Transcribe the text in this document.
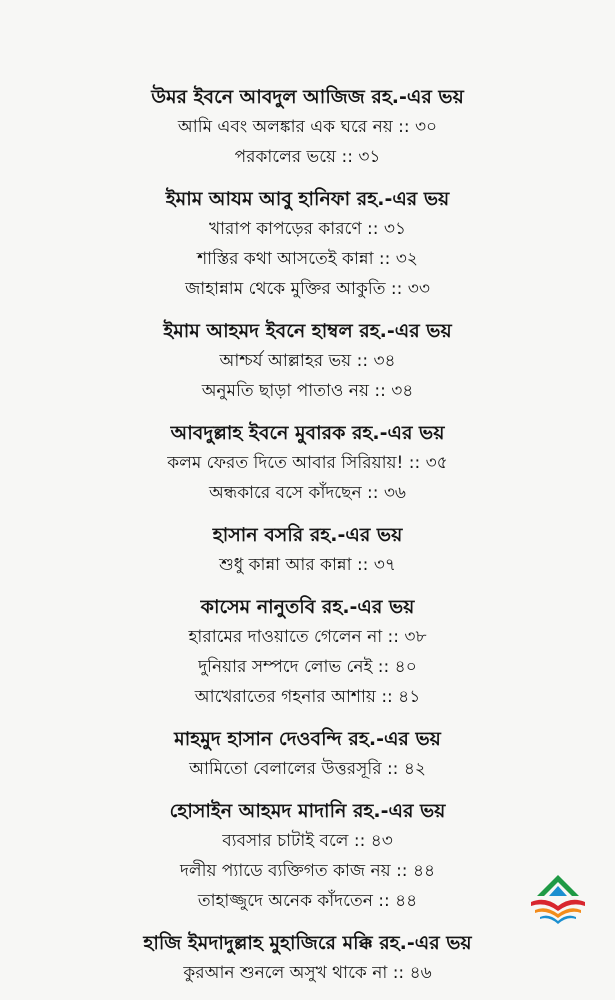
উমর ইবনে আবদুল আজিজ রহ.-এর ভয়
আমি এবং অলঙ্কার এক ঘরে নয় :: ৩০
পরকালের ভয়ে :: ৩১
ইমাম আযম আবু হানিফা রহ.-এর ভয়
খারাপ কাপড়ের কারণে :: ৩১
শাস্তির কথা আসতেই কান্না :: ৩২
জাহান্নাম থেকে মুক্তির আকুতি :: ৩৩
ইমাম আহমদ ইবনে হাম্বল রহ.-এর ভয়
আশ্চর্য আল্লাহর ভয় :: ৩৪
অনুমতি ছাড়া পাতাও নয় :: ৩৪
আবদুল্লাহ ইবনে মুবারক রহ.-এর ভয়
কলম ফেরত দিতে আবার সিরিয়ায়! :: ৩৫
অন্ধকারে বসে কাঁদছেন :: ৩৬
হাসান বসরি রহ.-এর ভয়
শুধু কান্না আর কান্না :: ৩৭
কাসেম নানুতবি রহ.-এর ভয়
হারামের দাওয়াতে গেলেন না :: ৩৮
দুনিয়ার সম্পদে লোভ নেই :: ৪০
আখেরাতের গহনার আশায় :: ৪১
মাহমুদ হাসান দেওবন্দি রহ.-এর ভয়
আমিতো বেলালের উত্তরসূরি :: ৪২
হোসাইন আহমদ মাদানি রহ.-এর ভয়
ব্যবসার চাটাই বলে :: ৪৩
দলীয় প্যাডে ব্যক্তিগত কাজ নয় :: ৪৪
তাহাজ্জুদে অনেক কাঁদতেন :: ৪৪
হাজি ইমদাদুল্লাহ মুহাজিরে মক্কি রহ.-এর ভয়
কুরআন শুনলে অসুখ থাকে না :: ৪৬
